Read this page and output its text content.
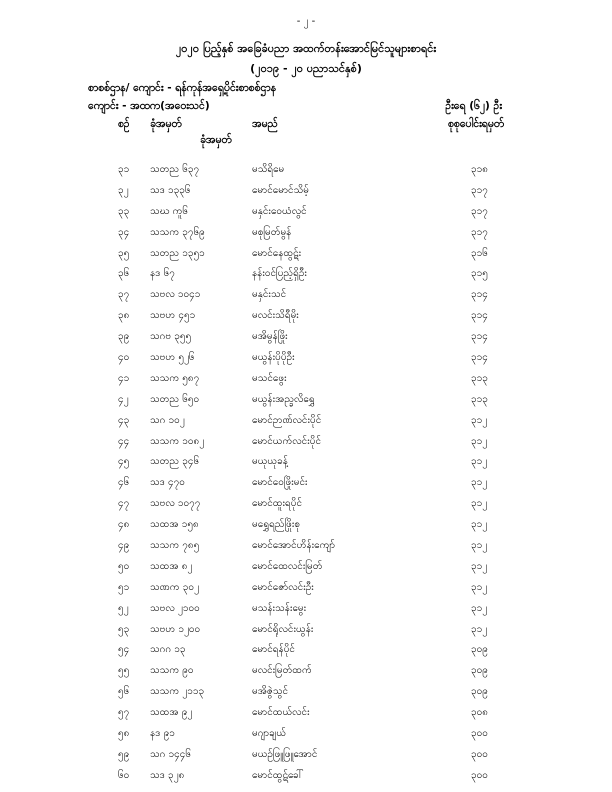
- ၂ -
၂၀၂၀ ပြည့်နှစ် အခြေခံပညာ အထက်တန်းအောင်မြင်သူများစာရင်း
(၂၀၁၉ - ၂၀ ပညာသင်နှစ်)
စာစစ်ဌာန/ ကျောင်း - ရန်ကုန်အရှေ့ပိုင်းစာစစ်ဌာန
ကျောင်း - အထက(အဝေးသင်)	ဦးရေ (၆၂) ဦး
စဉ် ခုံအမှတ်	အမည်	စုစုပေါင်းရမှတ်
ခုံအမှတ်
၃၁ သတည ၆၃၇	မသိရိမေ	၃၁၈
၃၂ သဒ ၁၃၃၆	မောင်မောင်သိမ့်	၃၁၇
၃၃ သဃ ကူ၆	မနှင်းဝေယံလွင်	၃၁၇
၃၄ သသက ၃၇၆၉	မစုမြတ်မွန်	၃၁၇
၃၅ သတည ၁၃၅၁	မောင်နေထွဋ်း	၃၁၆
၃၆ နဒ ၆၇	နန်းဝင်ပြည့်ရှိဦး	၃၁၅
၃၇ သဗလ ၁၀၄၁	မနှင်းသင်	၃၁၄
၃၈ သဗဟ ၄၅၁	မလင်းသိရီမိုး	၃၁၄
၃၉ သဂဗ ၃၅၅	မအိမွန်ဖြိုး	၃၁၄
၄၀ သဗဟ ၅၂၆	မယွန်းပိုပိုဦး	၃၁၄
၄၁ သသက ၅၈၇	မသင်ဖွေး	၃၁၃
၄၂ သတည ၆၅၀	မယွန်းအည္ခလိရွှေ	၃၁၃
၄၃ သဂ ၁၀၂	မောင်ဉာဏ်လင်းပိုင်	၃၁၂
၄၄ သသက ၁၀၈၂	မောင်ယက်လင်းပိုင်	၃၁၂
၄၅ သတည ၃၄၆	မယုယုခန့်	၃၁၂
၄၆ သဒ ၄၇၀	မောင်ဝေဖြိုးမင်း	၃၁၂
၄၇ သဗလ ၁၀၇၇	မောင်ထူးရပိုင်	၃၁၂
၄၈ သထအ ၁၅၈	မရွှေရည်ဖြိုးစု	၃၁၂
၄၉ သသက ၇၈၅	မောင်အောင်ဟိန်းကျော်	၃၁၂
၅၀ သထအ ၈၂	မောင်ထေလင်းမြတ်	၃၁၂
၅၁ သဏက ၃၀၂	မောင်ဇော်လင်းဦး	၃၁၂
၅၂ သဗလ ၂၁၀၀	မသန်းသန်းမွေး	၃၁၂
၅၃ သဗဟ ၁၂၀၀	မောင်ရိုလင်းယွန်း	၃၁၂
၅၄ သဂဂ ၁၃	မောင်ရန်ပိုင်	၃၀၉
၅၅ သသက ၉၀	မလင်းမြတ်ထက်	၃၀၉
၅၆ သသက ၂၁၁၃	မအိဇွဲသွင်	၃၀၉
၅၇ သထအ ၉၂	မောင်ထယ်လင်း	၃၀၈
၅၈ နဒ ၉၁	မဂျာချယ်	၃၀၀
၅၉ သဂ ၁၄၄၆	မယဉ်ဖြူဖြူအောင်	၃၀၀
၆၀ သဒ ၃၂၈	မောင်ထွဋ်ခေါ်	၃၀၀
